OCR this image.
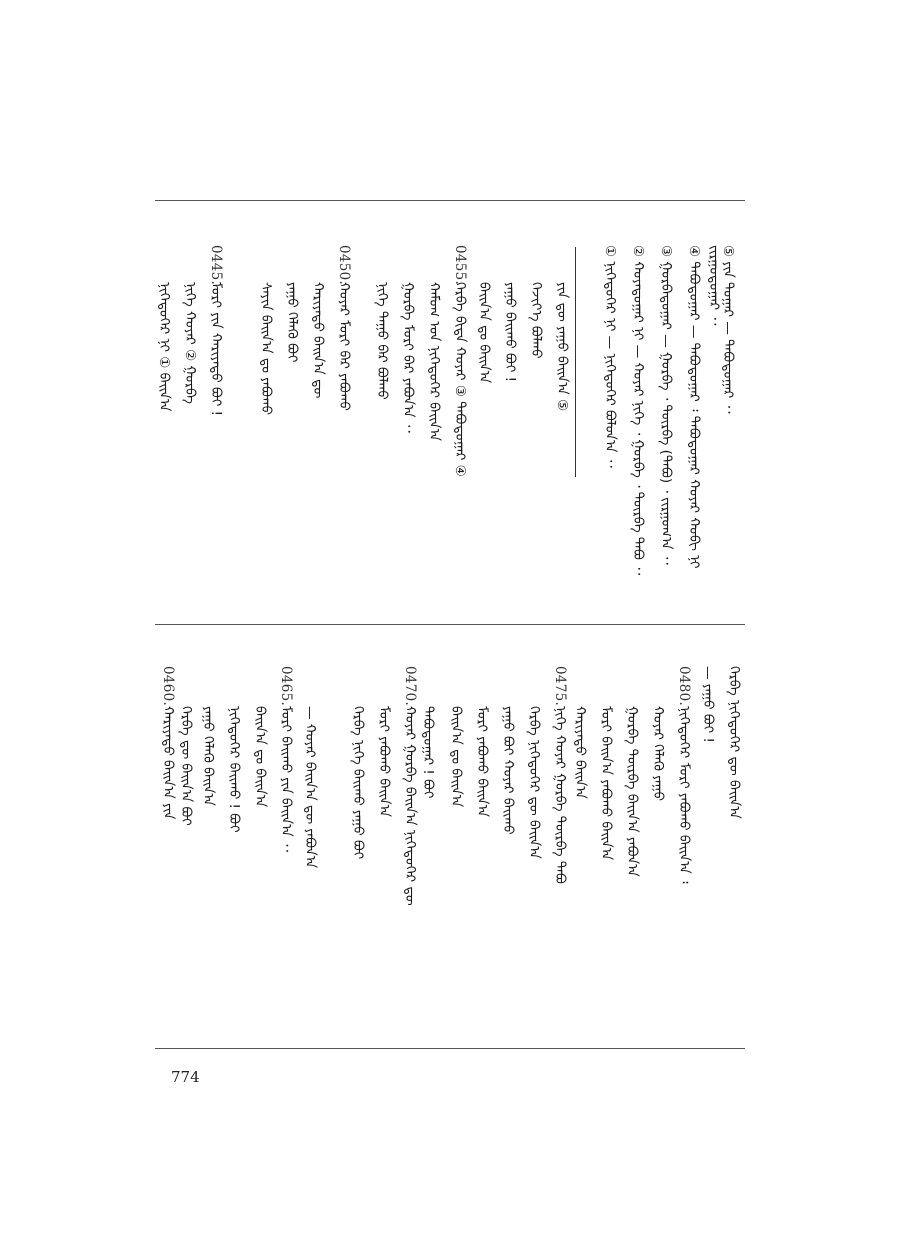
⑤ ᠶᠢᠨ ᠳᠤᠭᠠᠷ — ᠲᠠᠪᠤᠳᠤᠭᠠᠷ ᠂᠂
④ ᠲᠠᠪᠤᠳᠤᠭᠠᠷ — ᠲᠠᠪᠤᠳᠤᠭᠠᠷ ᠄ ᠲᠠᠪᠤᠳᠤᠭᠠᠷ ᠬᠣᠶᠠᠷ ᠬᠤᠪᠢ ᠨᠢ
③ ᠭᠤᠷᠪᠠᠳᠤᠭᠠᠷ — ᠭᠤᠷᠪᠠ ᠂ ᠳᠥᠷᠪᠡ (ᠲᠠᠪᠤ) ᠂ ᠵᠢᠷᠭᠤᠭ᠎ᠠ ᠂᠂
② ᠬᠣᠶᠠᠳᠤᠭᠠᠷ ᠨᠢ — ᠬᠣᠶᠠᠷ ᠨᠢᠭᠡ ᠂ ᠭᠤᠷᠪᠠ ᠂ ᠳᠥᠷᠪᠡ ᠲᠠᠪᠤ ᠂᠂
① ᠨᠢᠭᠡᠳᠦᠭᠡᠷ ᠨᠢ — ᠨᠢᠭᠡᠳᠦᠭᠡᠷ ᠪᠣᠯᠤᠨ᠎ᠠ ᠂᠂	ᠵᠢᠷᠭᠤᠳᠤᠭᠠᠷ ᠂᠂
ᠶᠢᠨ ᠳᠦ ᠶᠠᠭᠤ ᠪᠠᠢᠨ᠎ᠠ ⑤
ᠬᠡᠵᠢᠶ᠎ᠡ ᠪᠣᠯᠬᠤ
ᠶᠠᠭᠤ ᠪᠠᠢᠬᠤ ᠪᠣᠢ !
ᠪᠠᠢᠨ᠎ᠠ ᠳᠤ ᠪᠠᠢᠨ᠎ᠠ
0455.
ᠬᠡᠷᠪᠡ ᠪᠢᠳᠡ ᠬᠣᠶᠠᠷ ③ ᠲᠠᠪᠤᠳᠤᠭᠠᠷ ④
ᠬᠠᠮᠤᠭ ᠤᠨ ᠨᠢᠭᠡᠳᠦᠭᠡᠷ ᠪᠠᠢᠨ᠎ᠠ
ᠭᠤᠷᠪᠠ ᠮᠣᠷᠢ ᠪᠡᠷ ᠶᠠᠪᠤᠨ᠎ᠠ ᠂᠂
ᠨᠢᠭᠡ ᠳᠠᠭᠤ ᠪᠠᠷ ᠪᠣᠯᠬᠤ
0450.
ᠬᠣᠶᠠᠷ ᠮᠣᠷᠢ ᠪᠡᠷ ᠶᠠᠪᠤᠬᠤ
ᠬᠠᠷᠢᠶᠠᠲᠤ ᠪᠠᠢᠨ᠎ᠠ ᠳᠦ
ᠶᠠᠭᠤ ᠬᠡᠯᠡᠬᠦ ᠪᠣᠢ
ᠰᠠᠶᠢᠨ ᠪᠠᠢᠨ᠎ᠠ ᠳᠤ ᠶᠠᠪᠤᠬᠤ
0445.
ᠮᠣᠷᠢ ᠶᠢᠨ ᠬᠠᠷᠢᠶᠠᠲᠤ ᠪᠣᠢ !
ᠨᠢᠭᠡ ᠬᠣᠶᠠᠷ ② ᠭᠤᠷᠪᠠ
ᠨᠢᠭᠡᠳᠦᠭᠡᠷ ᠨᠢ ① ᠪᠠᠢᠨ᠎ᠠ
ᠬᠡᠷᠪᠡ ᠨᠢᠭᠡᠳᠦᠭᠡᠷ ᠳᠦ ᠪᠠᠢᠨ᠎ᠠ
— ᠶᠠᠭᠤ ᠪᠣᠢ !
0480.
ᠨᠢᠭᠡᠳᠦᠭᠡᠷ ᠮᠣᠷᠢ ᠶᠠᠪᠤᠬᠤ ᠪᠠᠢᠨ᠎ᠠ ᠄
ᠬᠣᠶᠠᠷ ᠬᠡᠯᠡᠬᠦ ᠶᠠᠭᠤ
ᠭᠤᠷᠪᠠ ᠳᠥᠷᠪᠡ ᠪᠠᠢᠨ᠎ᠠ ᠶᠠᠪᠤᠨ᠎ᠠ
ᠮᠣᠷᠢ ᠪᠠᠢᠨ᠎ᠠ ᠶᠠᠪᠤᠬᠤ ᠪᠠᠢᠨ᠎ᠠ
ᠬᠠᠷᠢᠶᠠᠲᠤ ᠪᠠᠢᠨ᠎ᠠ
0475.
ᠨᠢᠭᠡ ᠬᠣᠶᠠᠷ ᠭᠤᠷᠪᠠ ᠳᠥᠷᠪᠡ ᠲᠠᠪᠤ
ᠬᠡᠷᠪᠡ ᠨᠢᠭᠡᠳᠦᠭᠡᠷ ᠳᠦ ᠪᠠᠢᠨ᠎ᠠ
ᠶᠠᠭᠤ ᠪᠣᠢ ᠬᠣᠶᠠᠷ ᠪᠠᠢᠬᠤ
ᠮᠣᠷᠢ ᠶᠠᠪᠤᠬᠤ ᠪᠠᠢᠨ᠎ᠠ
ᠪᠠᠢᠨ᠎ᠠ ᠳᠤ ᠪᠠᠢᠨ᠎ᠠ
ᠲᠠᠪᠤᠳᠤᠭᠠᠷ ! ᠪᠣᠢ
0470.
ᠬᠣᠶᠠᠷ ᠭᠤᠷᠪᠠ ᠪᠠᠢᠨ᠎ᠠ ᠨᠢᠭᠡᠳᠦᠭᠡᠷ ᠳᠦ
ᠮᠣᠷᠢ ᠶᠠᠪᠤᠬᠤ ᠪᠠᠢᠨ᠎ᠠ
ᠬᠡᠷᠪᠡ ᠨᠢᠭᠡ ᠪᠠᠢᠬᠤ ᠶᠠᠭᠤ ᠪᠣᠢ
— ᠬᠣᠶᠠᠷ ᠪᠠᠢᠨ᠎ᠠ ᠳᠦ ᠶᠠᠪᠤᠨ᠎ᠠ
0465.
ᠮᠣᠷᠢ ᠪᠠᠢᠬᠤ ᠶᠢᠨ ᠪᠠᠢᠨ᠎ᠠ ᠂᠂
ᠪᠠᠢᠨ᠎ᠠ ᠳᠤ ᠪᠠᠢᠨ᠎ᠠ
ᠨᠢᠭᠡᠳᠦᠭᠡᠷ ᠪᠠᠢᠬᠤ ! ᠪᠣᠢ
ᠶᠠᠭᠤ ᠬᠡᠯᠡᠬᠦ ᠪᠠᠢᠨ᠎ᠠ
0460.
ᠬᠠᠷᠢᠶᠠᠲᠤ ᠪᠠᠢᠨ᠎ᠠ ᠶᠢᠨ ᠬᠡᠷᠪᠡ ᠳᠦ ᠪᠠᠢᠨ᠎ᠠ ᠪᠣᠢ
774
